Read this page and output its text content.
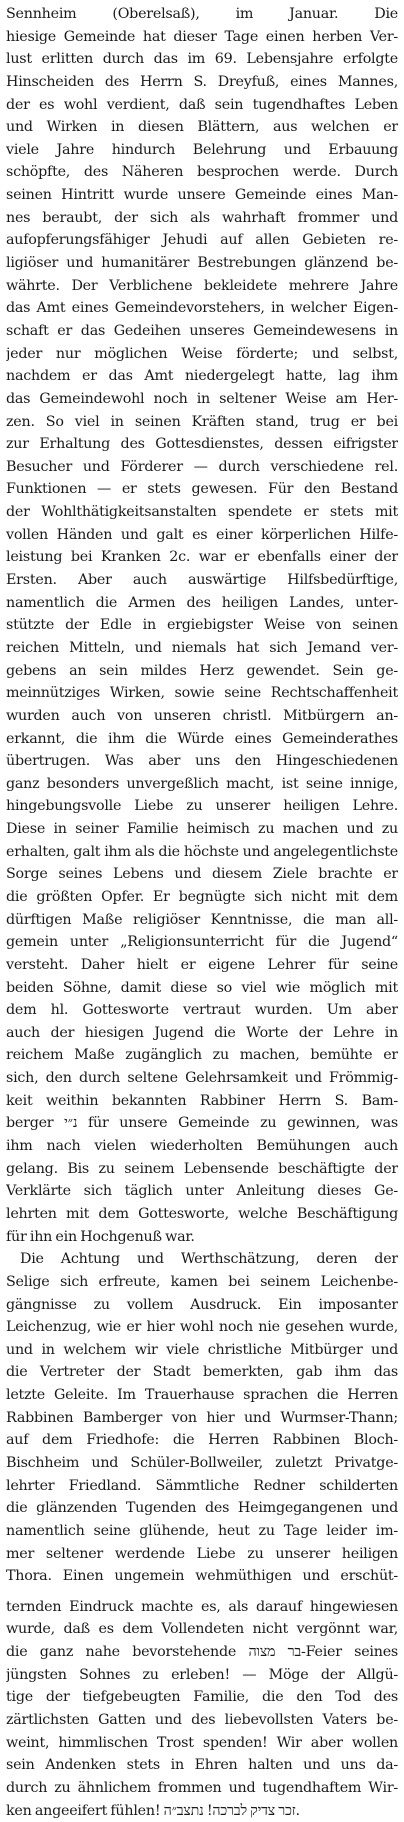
Sennheim (Oberelsaß), im Januar. Die
hiesige Gemeinde hat dieser Tage einen herben Ver-
lust erlitten durch das im 69. Lebensjahre erfolgte
Hinscheiden des Herrn S. Dreyfuß, eines Mannes,
der es wohl verdient, daß sein tugendhaftes Leben
und Wirken in diesen Blättern, aus welchen er
viele Jahre hindurch Belehrung und Erbauung
schöpfte, des Näheren besprochen werde. Durch
seinen Hintritt wurde unsere Gemeinde eines Man-
nes beraubt, der sich als wahrhaft frommer und
aufopferungsfähiger Jehudi auf allen Gebieten re-
ligiöser und humanitärer Bestrebungen glänzend be-
währte. Der Verblichene bekleidete mehrere Jahre
das Amt eines Gemeindevorstehers, in welcher Eigen-
schaft er das Gedeihen unseres Gemeindewesens in
jeder nur möglichen Weise förderte; und selbst,
nachdem er das Amt niedergelegt hatte, lag ihm
das Gemeindewohl noch in seltener Weise am Her-
zen. So viel in seinen Kräften stand, trug er bei
zur Erhaltung des Gottesdienstes, dessen eifrigster
Besucher und Förderer — durch verschiedene rel.
Funktionen — er stets gewesen. Für den Bestand
der Wohlthätigkeitsanstalten spendete er stets mit
vollen Händen und galt es einer körperlichen Hilfe-
leistung bei Kranken 2c. war er ebenfalls einer der
Ersten. Aber auch auswärtige Hilfsbedürftige,
namentlich die Armen des heiligen Landes, unter-
stützte der Edle in ergiebigster Weise von seinen
reichen Mitteln, und niemals hat sich Jemand ver-
gebens an sein mildes Herz gewendet. Sein ge-
meinnütziges Wirken, sowie seine Rechtschaffenheit
wurden auch von unseren christl. Mitbürgern an-
erkannt, die ihm die Würde eines Gemeinderathes
übertrugen. Was aber uns den Hingeschiedenen
ganz besonders unvergeßlich macht, ist seine innige,
hingebungsvolle Liebe zu unserer heiligen Lehre.
Diese in seiner Familie heimisch zu machen und zu
erhalten, galt ihm als die höchste und angelegentlichste
Sorge seines Lebens und diesem Ziele brachte er
die größten Opfer. Er begnügte sich nicht mit dem
dürftigen Maße religiöser Kenntnisse, die man all-
gemein unter „Religionsunterricht für die Jugend“
versteht. Daher hielt er eigene Lehrer für seine
beiden Söhne, damit diese so viel wie möglich mit
dem hl. Gottesworte vertraut wurden. Um aber
auch der hiesigen Jugend die Worte der Lehre in
reichem Maße zugänglich zu machen, bemühte er
sich, den durch seltene Gelehrsamkeit und Frömmig-
keit weithin bekannten Rabbiner Herrn S. Bam-
berger נ״י für unsere Gemeinde zu gewinnen, was
ihm nach vielen wiederholten Bemühungen auch
gelang. Bis zu seinem Lebensende beschäftigte der
Verklärte sich täglich unter Anleitung dieses Ge-
lehrten mit dem Gottesworte, welche Beschäftigung
für ihn ein Hochgenuß war.
Die Achtung und Werthschätzung, deren der
Selige sich erfreute, kamen bei seinem Leichenbe-
gängnisse zu vollem Ausdruck. Ein imposanter
Leichenzug, wie er hier wohl noch nie gesehen wurde,
und in welchem wir viele christliche Mitbürger und
die Vertreter der Stadt bemerkten, gab ihm das
letzte Geleite. Im Trauerhause sprachen die Herren
Rabbinen Bamberger von hier und Wurmser-Thann;
auf dem Friedhofe: die Herren Rabbinen Bloch-
Bischheim und Schüler-Bollweiler, zuletzt Privatge-
lehrter Friedland. Sämmtliche Redner schilderten
die glänzenden Tugenden des Heimgegangenen und
namentlich seine glühende, heut zu Tage leider im-
mer seltener werdende Liebe zu unserer heiligen
Thora. Einen ungemein wehmüthigen und erschüt-
ternden Eindruck machte es, als darauf hingewiesen
wurde, daß es dem Vollendeten nicht vergönnt war,
die ganz nahe bevorstehende בר מצוה-Feier seines
jüngsten Sohnes zu erleben! — Möge der Allgü-
tige der tiefgebeugten Familie, die den Tod des
zärtlichsten Gatten und des liebevollsten Vaters be-
weint, himmlischen Trost spenden! Wir aber wollen
sein Andenken stets in Ehren halten und uns da-
durch zu ähnlichem frommen und tugendhaftem Wir-
ken angeeifert fühlen! זכר צדיק לברכה! נתצב״ה.
